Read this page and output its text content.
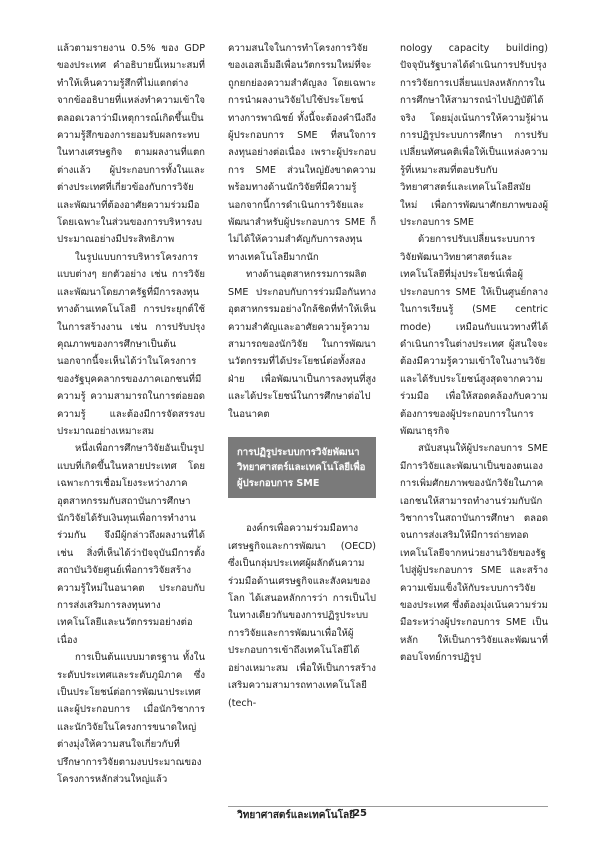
แล้วตามรายงาน 0.5% ของ GDP ของประเทศ คำอธิบายนี้เหมาะสมที่ทำให้เห็นความรู้สึกที่ไม่แตกต่างจากข้ออธิบายที่แหล่งทำความเข้าใจตลอดเวลาว่ามีเหตุการณ์เกิดขึ้นเป็นความรู้สึกของการยอมรับผลกระทบในทางเศรษฐกิจ ตามผลงานที่แตกต่างแล้ว ผู้ประกอบการทั้งในและต่างประเทศที่เกี่ยวข้องกับการวิจัยและพัฒนาที่ต้องอาศัยความร่วมมือ โดยเฉพาะในส่วนของการบริหารงบประมาณอย่างมีประสิทธิภาพ

ในรูปแบบการบริหารโครงการแบบต่างๆ ยกตัวอย่าง เช่น การวิจัยและพัฒนาโดยภาครัฐที่มีการลงทุนทางด้านเทคโนโลยี การประยุกต์ใช้ในการสร้างงาน เช่น การปรับปรุงคุณภาพของการศึกษาเป็นต้น นอกจากนี้จะเห็นได้ว่าในโครงการของรัฐบุคคลากรของภาคเอกชนที่มีความรู้ ความสามารถในการต่อยอดความรู้ และต้องมีการจัดสรรงบประมาณอย่างเหมาะสม

หนึ่งเพื่อการศึกษาวิจัยอันเป็นรูปแบบที่เกิดขึ้นในหลายประเทศ โดยเฉพาะการเชื่อมโยงระหว่างภาคอุตสาหกรรมกับสถาบันการศึกษา นักวิจัยได้รับเงินทุนเพื่อการทำงานร่วมกัน จึงมีผู้กล่าวถึงผลงานที่ได้ เช่น สิ่งที่เห็นได้ว่าปัจจุบันมีการตั้งสถาบันวิจัยศูนย์เพื่อการวิจัยสร้างความรู้ใหม่ในอนาคต ประกอบกับการส่งเสริมการลงทุนทางเทคโนโลยีและนวัตกรรมอย่างต่อเนื่อง

การเป็นต้นแบบมาตรฐาน ทั้งในระดับประเทศและระดับภูมิภาค ซึ่งเป็นประโยชน์ต่อการพัฒนาประเทศและผู้ประกอบการ เมื่อนักวิชาการและนักวิจัยในโครงการขนาดใหญ่ต่างมุ่งให้ความสนใจเกี่ยวกับที่ปรึกษาการวิจัยตามงบประมาณของโครงการหลักส่วนใหญ่แล้ว

ความสนใจในการทำโครงการวิจัยของเอสเอ็มอีเพื่อนวัตกรรมใหม่ที่จะถูกยกย่องความสำคัญลง โดยเฉพาะการนำผลงานวิจัยไปใช้ประโยชน์ทางการพาณิชย์ ทั้งนี้จะต้องคำนึงถึงผู้ประกอบการ SME ที่สนใจการลงทุนอย่างต่อเนื่อง เพราะผู้ประกอบการ SME ส่วนใหญ่ยังขาดความพร้อมทางด้านนักวิจัยที่มีความรู้ นอกจากนี้การดำเนินการวิจัยและพัฒนาสำหรับผู้ประกอบการ SME ก็ไม่ได้ให้ความสำคัญกับการลงทุนทางเทคโนโลยีมากนัก

ทางด้านอุตสาหกรรมการผลิต SME ประกอบกับการร่วมมือกันทางอุตสาหกรรมอย่างใกล้ชิดที่ทำให้เห็นความสำคัญและอาศัยความรู้ความสามารถของนักวิจัย ในการพัฒนานวัตกรรมที่ได้ประโยชน์ต่อทั้งสองฝ่าย เพื่อพัฒนาเป็นการลงทุนที่สูงและได้ประโยชน์ในการศึกษาต่อไปในอนาคต

การปฏิรูประบบการวิจัยพัฒนา
วิทยาศาสตร์และเทคโนโลยีเพื่อ
ผู้ประกอบการ SME

องค์กรเพื่อความร่วมมือทางเศรษฐกิจและการพัฒนา (OECD) ซึ่งเป็นกลุ่มประเทศผู้ผลักดันความร่วมมือด้านเศรษฐกิจและสังคมของโลก ได้เสนอหลักการว่า การเป็นไปในทางเดียวกันของการปฏิรูประบบการวิจัยและการพัฒนาเพื่อให้ผู้ประกอบการเข้าถึงเทคโนโลยีได้อย่างเหมาะสม เพื่อให้เป็นการสร้างเสริมความสามารถทางเทคโนโลยี (tech-

nology capacity building) ปัจจุบันรัฐบาลได้ดำเนินการปรับปรุงการวิจัยการเปลี่ยนแปลงหลักการในการศึกษาให้สามารถนำไปปฏิบัติได้จริง โดยมุ่งเน้นการให้ความรู้ผ่านการปฏิรูประบบการศึกษา การปรับเปลี่ยนทัศนคติเพื่อให้เป็นแหล่งความรู้ที่เหมาะสมที่ตอบรับกับวิทยาศาสตร์และเทคโนโลยีสมัยใหม่ เพื่อการพัฒนาศักยภาพของผู้ประกอบการ SME

ด้วยการปรับเปลี่ยนระบบการวิจัยพัฒนาวิทยาศาสตร์และเทคโนโลยีที่มุ่งประโยชน์เพื่อผู้ประกอบการ SME ให้เป็นศูนย์กลางในการเรียนรู้ (SME centric mode) เหมือนกับแนวทางที่ได้ดำเนินการในต่างประเทศ ผู้สนใจจะต้องมีความรู้ความเข้าใจในงานวิจัยและได้รับประโยชน์สูงสุดจากความร่วมมือ เพื่อให้สอดคล้องกับความต้องการของผู้ประกอบการในการพัฒนาธุรกิจ

สนับสนุนให้ผู้ประกอบการ SME มีการวิจัยและพัฒนาเป็นของตนเอง การเพิ่มศักยภาพของนักวิจัยในภาคเอกชนให้สามารถทำงานร่วมกับนักวิชาการในสถาบันการศึกษา ตลอดจนการส่งเสริมให้มีการถ่ายทอดเทคโนโลยีจากหน่วยงานวิจัยของรัฐไปสู่ผู้ประกอบการ SME และสร้างความเข้มแข็งให้กับระบบการวิจัยของประเทศ ซึ่งต้องมุ่งเน้นความร่วมมือระหว่างผู้ประกอบการ SME เป็นหลัก ให้เป็นการวิจัยและพัฒนาที่ตอบโจทย์การปฏิรูป

วิทยาศาสตร์และเทคโนโลยี
25
